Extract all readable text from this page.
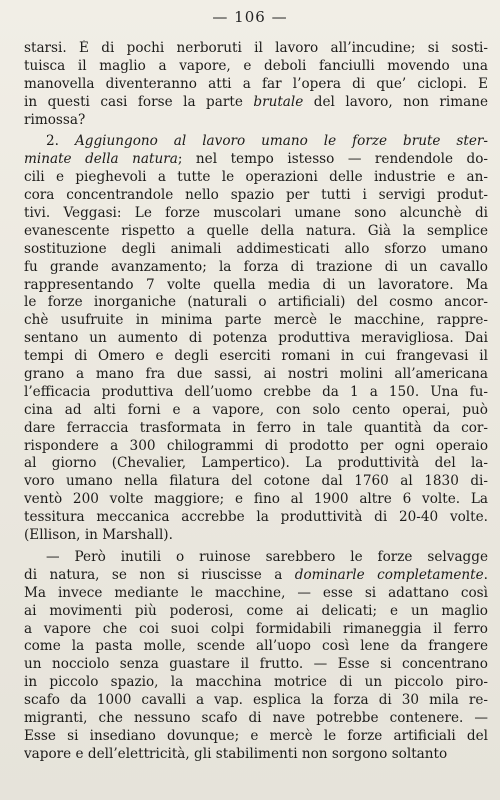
— 106 —
starsi. È di pochi nerboruti il lavoro all’incudine; si sosti-
tuisca il maglio a vapore, e deboli fanciulli movendo una
manovella diventeranno atti a far l’opera di que’ ciclopi. E
in questi casi forse la parte brutale del lavoro, non rimane
rimossa?
2. Aggiungono al lavoro umano le forze brute ster-
minate della natura; nel tempo istesso — rendendole do-
cili e pieghevoli a tutte le operazioni delle industrie e an-
cora concentrandole nello spazio per tutti i servigi produt-
tivi. Veggasi: Le forze muscolari umane sono alcunchè di
evanescente rispetto a quelle della natura. Già la semplice
sostituzione degli animali addimesticati allo sforzo umano
fu grande avanzamento; la forza di trazione di un cavallo
rappresentando 7 volte quella media di un lavoratore. Ma
le forze inorganiche (naturali o artificiali) del cosmo ancor-
chè usufruite in minima parte mercè le macchine, rappre-
sentano un aumento di potenza produttiva meravigliosa. Dai
tempi di Omero e degli eserciti romani in cui frangevasi il
grano a mano fra due sassi, ai nostri molini all’americana
l’efficacia produttiva dell’uomo crebbe da 1 a 150. Una fu-
cina ad alti forni e a vapore, con solo cento operai, può
dare ferraccia trasformata in ferro in tale quantità da cor-
rispondere a 300 chilogrammi di prodotto per ogni operaio
al giorno (Chevalier, Lamperticо). La produttività del la-
voro umano nella filatura del cotone dal 1760 al 1830 di-
ventò 200 volte maggiore; e fino al 1900 altre 6 volte. La
tessitura meccanica accrebbe la produttività di 20-40 volte.
(Ellison, in Marshall).
— Però inutili o ruinose sarebbero le forze selvagge
di natura, se non si riuscisse a dominarle completamente.
Ma invece mediante le macchine, — esse si adattano così
ai movimenti più poderosi, come ai delicati; e un maglio
a vapore che coi suoi colpi formidabili rimaneggia il ferro
come la pasta molle, scende all’uopo così lene da frangere
un nocciolo senza guastare il frutto. — Esse si concentrano
in piccolo spazio, la macchina motrice di un piccolo piro-
scafo da 1000 cavalli a vap. esplica la forza di 30 mila re-
migranti, che nessuno scafo di nave potrebbe contenere. —
Esse si insediano dovunque; e mercè le forze artificiali del
vapore e dell’elettricità, gli stabilimenti non sorgono soltanto
